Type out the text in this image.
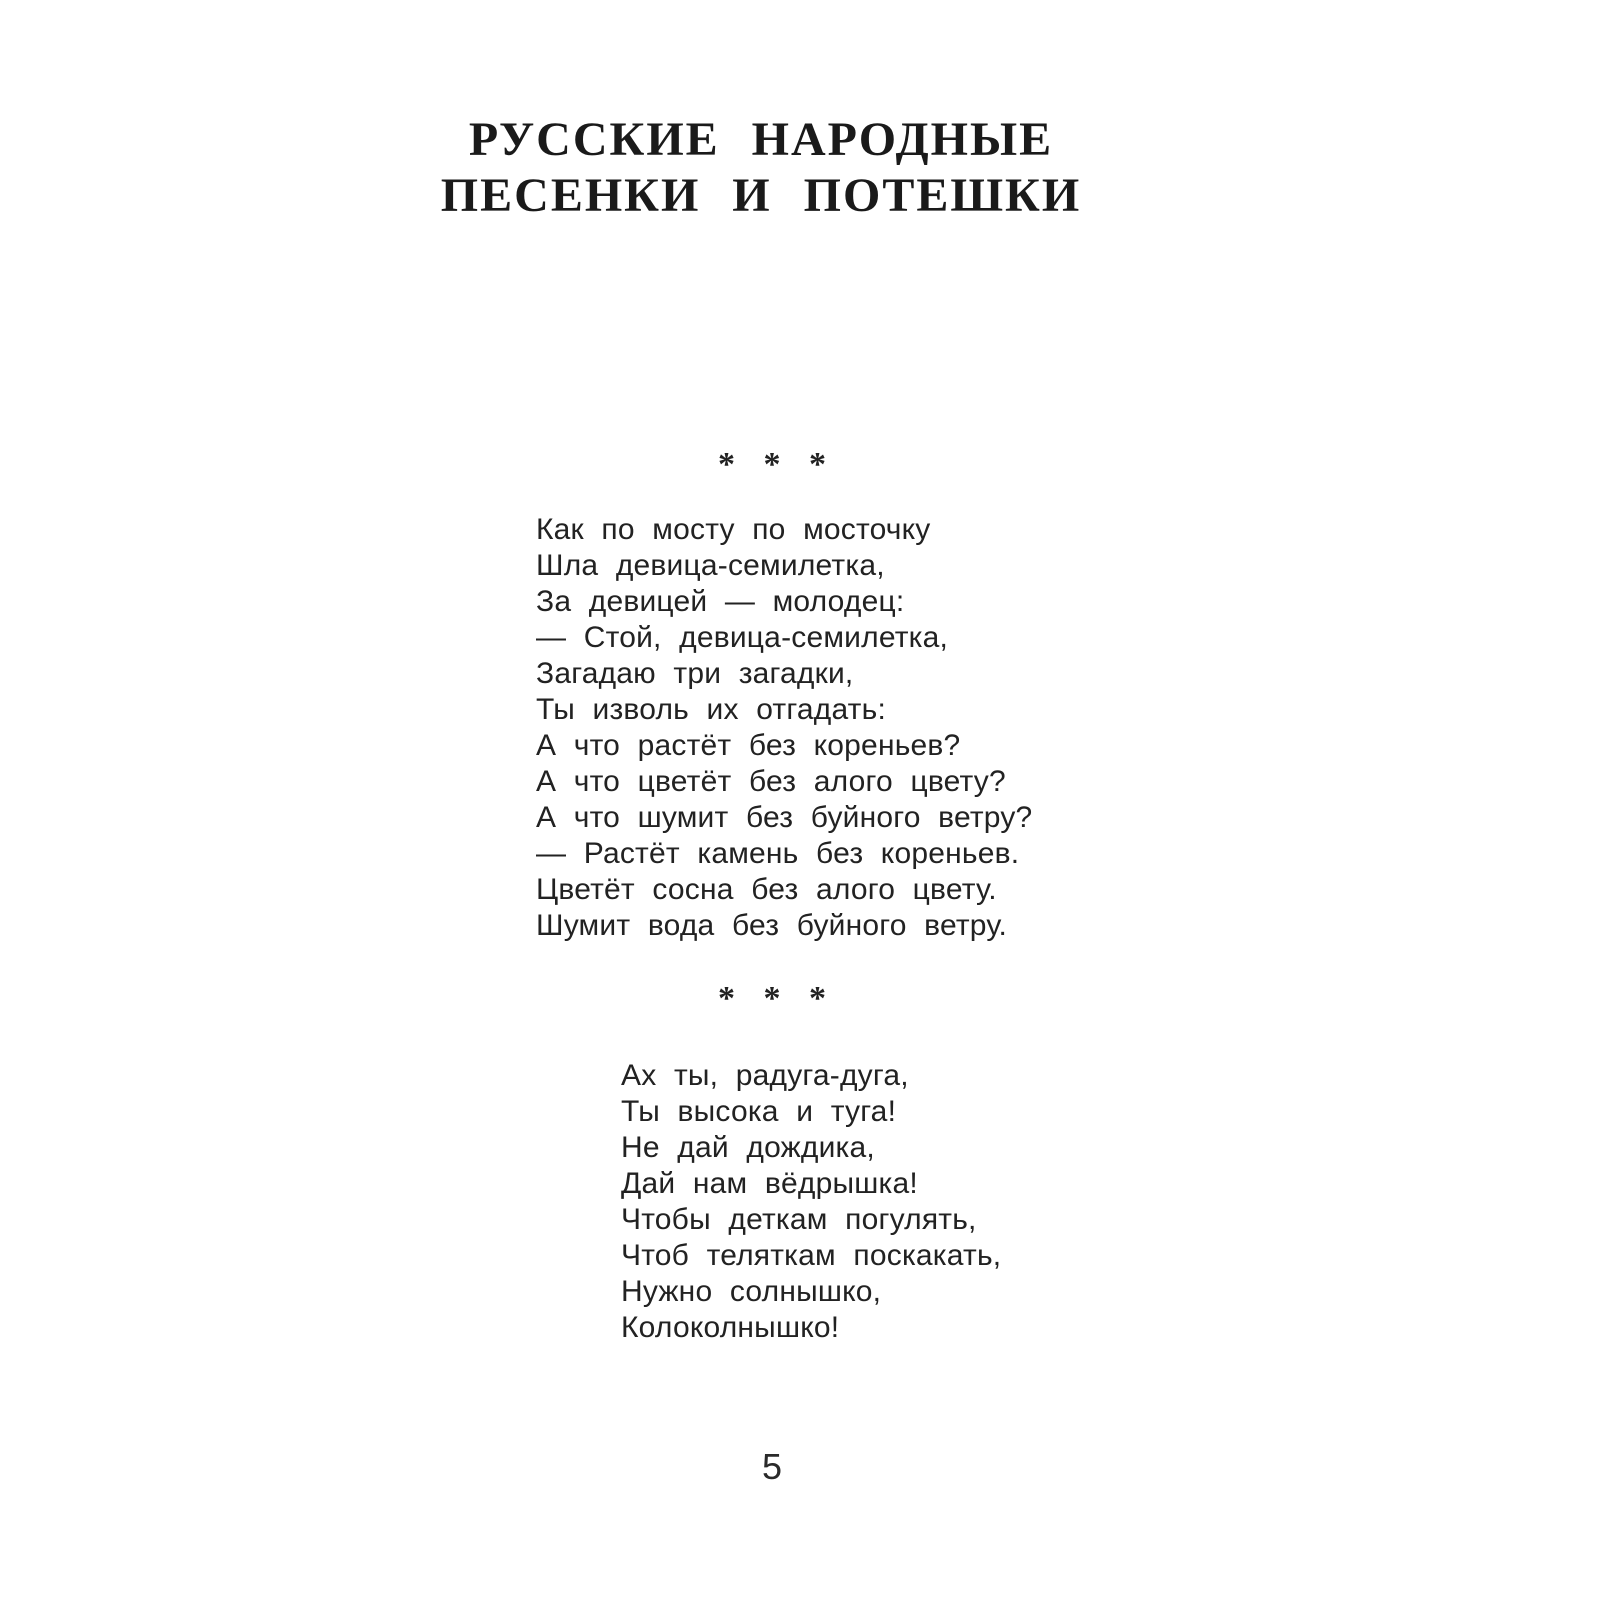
РУССКИЕ НАРОДНЫЕ
ПЕСЕНКИ И ПОТЕШКИ
* * *
Как по мосту по мосточку
Шла девица-семилетка,
За девицей — молодец:
— Стой, девица-семилетка,
Загадаю три загадки,
Ты изволь их отгадать:
А что растёт без кореньев?
А что цветёт без алого цвету?
А что шумит без буйного ветру?
— Растёт камень без кореньев.
Цветёт сосна без алого цвету.
Шумит вода без буйного ветру.
* * *
Ах ты, радуга-дуга,
Ты высока и туга!
Не дай дождика,
Дай нам вёдрышка!
Чтобы деткам погулять,
Чтоб теляткам поскакать,
Нужно солнышко,
Колоколнышко!
5
